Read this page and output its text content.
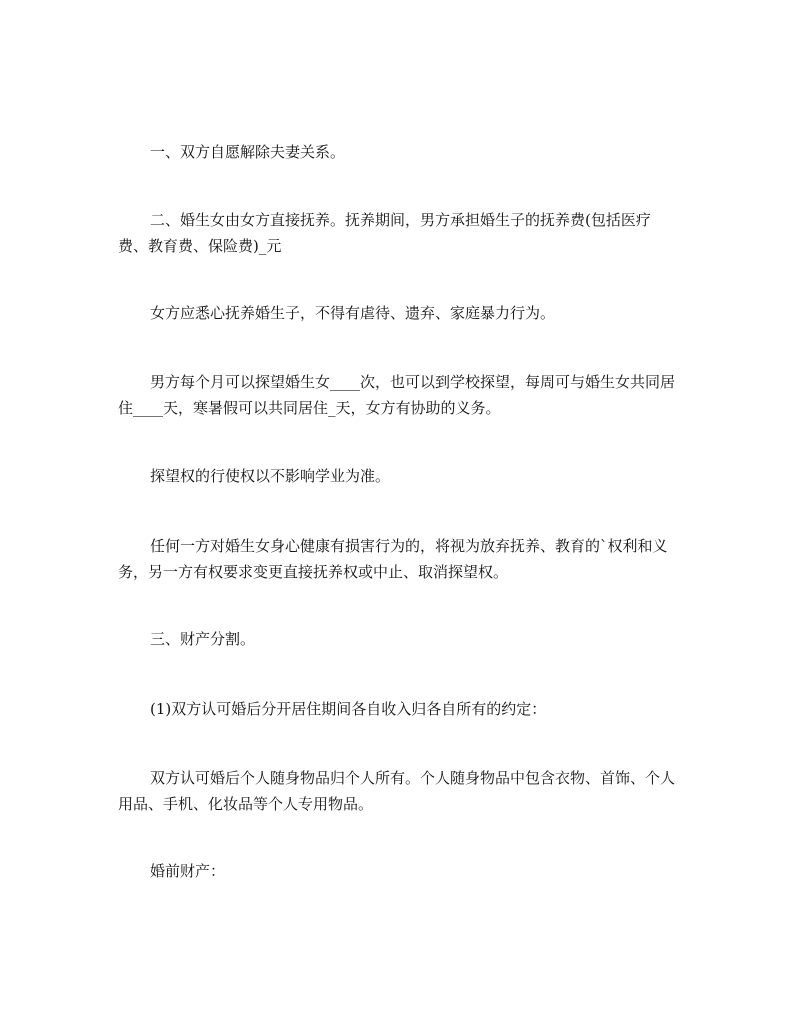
一、双方自愿解除夫妻关系。

二、婚生女由女方直接抚养。抚养期间，男方承担婚生子的抚养费(包括医疗费、教育费、保险费)_元

女方应悉心抚养婚生子，不得有虐待、遗弃、家庭暴力行为。

男方每个月可以探望婚生女____次，也可以到学校探望，每周可与婚生女共同居住____天，寒暑假可以共同居住_天，女方有协助的义务。

探望权的行使权以不影响学业为准。

任何一方对婚生女身心健康有损害行为的，将视为放弃抚养、教育的`权利和义务，另一方有权要求变更直接抚养权或中止、取消探望权。

三、财产分割。

(1)双方认可婚后分开居住期间各自收入归各自所有的约定：

双方认可婚后个人随身物品归个人所有。个人随身物品中包含衣物、首饰、个人用品、手机、化妆品等个人专用物品。

婚前财产：
